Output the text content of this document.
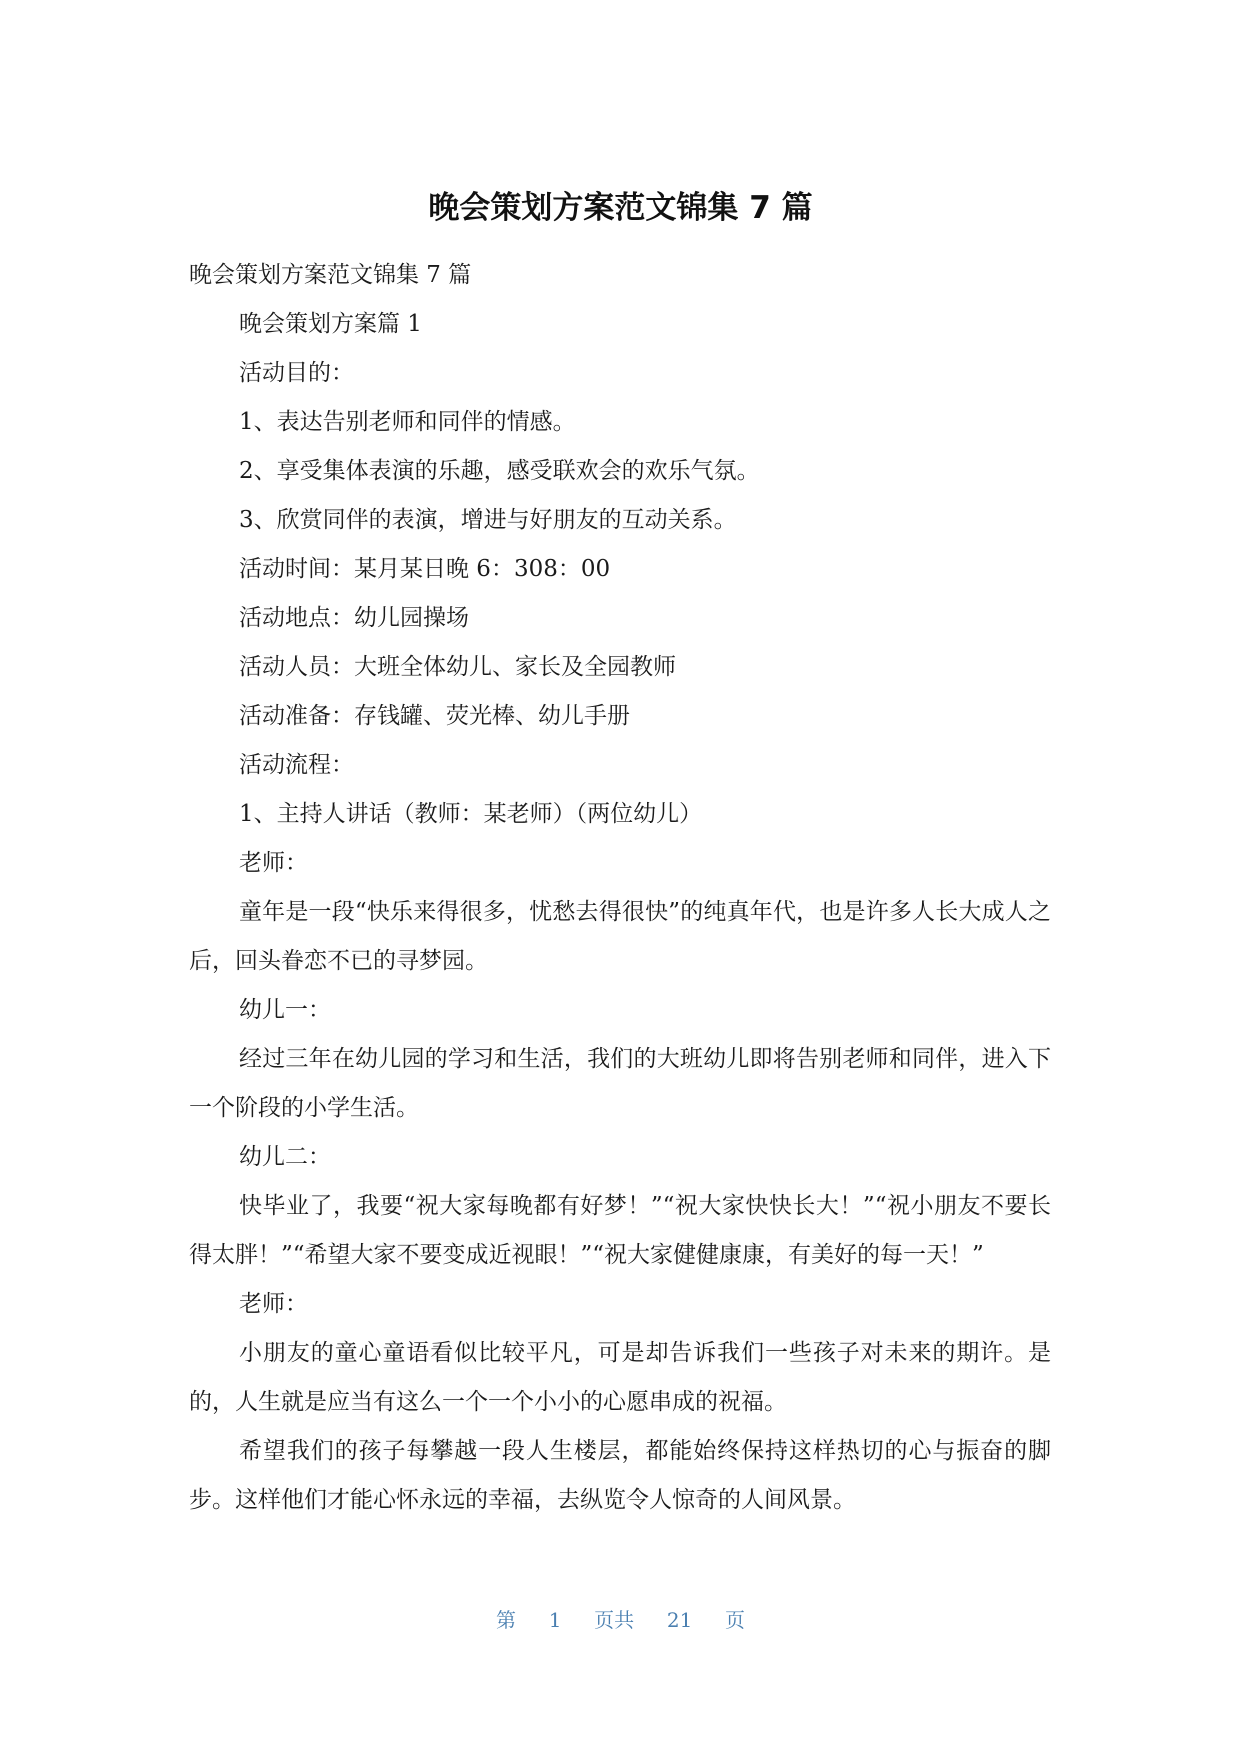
晚会策划方案范文锦集 7 篇

晚会策划方案范文锦集 7 篇

晚会策划方案篇 1

活动目的：

1、表达告别老师和同伴的情感。

2、享受集体表演的乐趣，感受联欢会的欢乐气氛。

3、欣赏同伴的表演，增进与好朋友的互动关系。

活动时间：某月某日晚 6：308：00

活动地点：幼儿园操场

活动人员：大班全体幼儿、家长及全园教师

活动准备：存钱罐、荧光棒、幼儿手册

活动流程：

1、主持人讲话（教师：某老师）（两位幼儿）

老师：

童年是一段“快乐来得很多，忧愁去得很快”的纯真年代，也是许多人长大成人之后，回头眷恋不已的寻梦园。

幼儿一：

经过三年在幼儿园的学习和生活，我们的大班幼儿即将告别老师和同伴，进入下一个阶段的小学生活。

幼儿二：

快毕业了，我要“祝大家每晚都有好梦！”“祝大家快快长大！”“祝小朋友不要长得太胖！”“希望大家不要变成近视眼！”“祝大家健健康康，有美好的每一天！”

老师：

小朋友的童心童语看似比较平凡，可是却告诉我们一些孩子对未来的期许。是的，人生就是应当有这么一个一个小小的心愿串成的祝福。

希望我们的孩子每攀越一段人生楼层，都能始终保持这样热切的心与振奋的脚步。这样他们才能心怀永远的幸福，去纵览令人惊奇的人间风景。

第 1 页共 21 页
